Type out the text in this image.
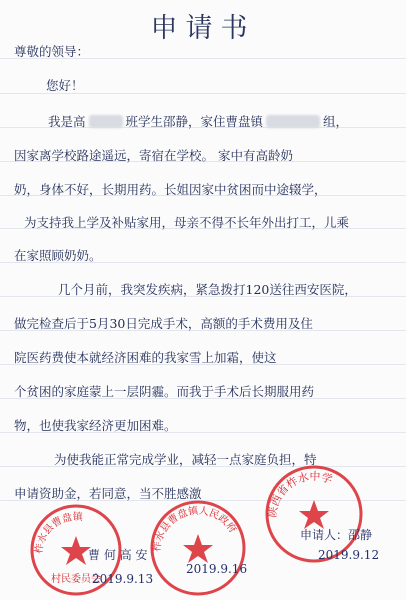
申请书
尊敬的领导：
您好！
我是高	班学生邵静，家住曹盘镇	组，
因家离学校路途遥远，寄宿在学校。 家中有高龄奶
奶，身体不好，长期用药。长姐因家中贫困而中途辍学，
为支持我上学及补贴家用，母亲不得不长年外出打工，儿乘
在家照顾奶奶。
几个月前，我突发疾病，紧急拨打120送往西安医院，
做完检查后于5月30日完成手术，高额的手术费用及住
院医药费使本就经济困难的我家雪上加霜，使这
个贫困的家庭蒙上一层阴霾。而我于手术后长期服用药
物，也使我家经济更加困难。
为使我能正常完成学业，减轻一点家庭负担，特
申请资助金，若同意，当不胜感激
柞水县曹盘镇
村民委员会
柞水县曹盘镇人民政府
陕西省柞水中学
曹 何 高 安
2019.9.13
2019.9.16
申请人：邵静
2019.9.12
